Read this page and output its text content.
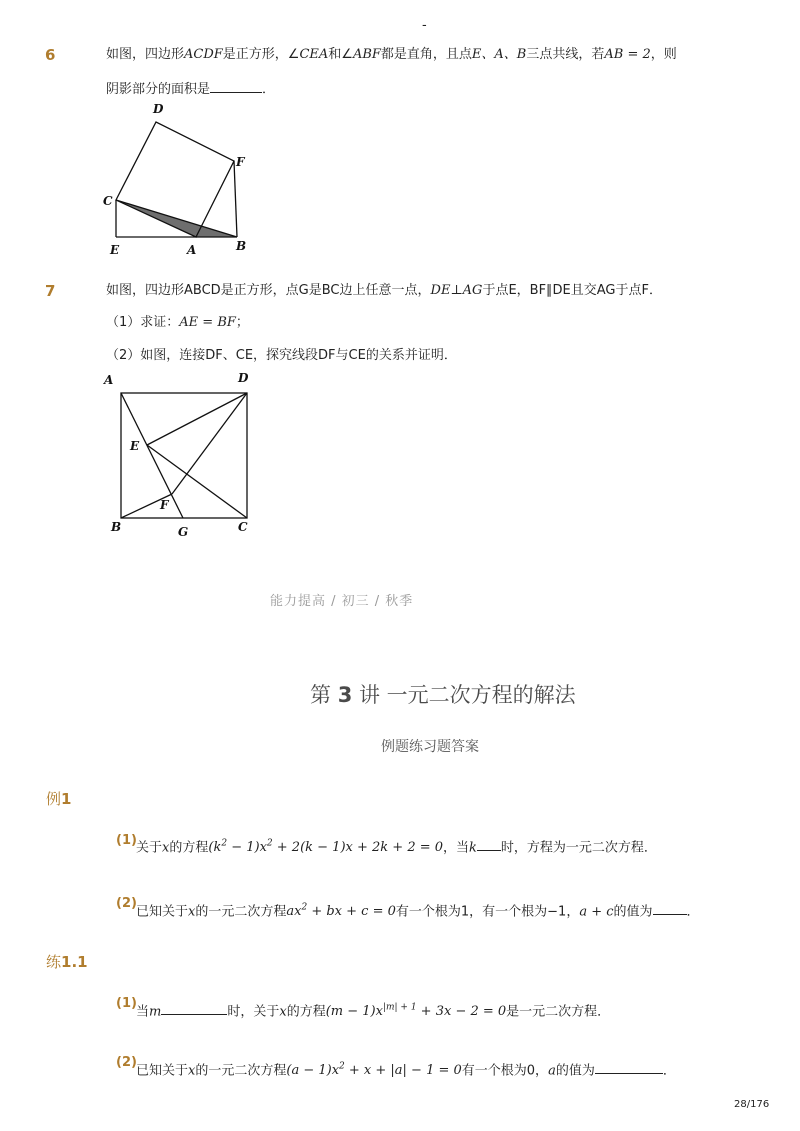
-
6	如图，四边形ACDF是正方形，∠CEA和∠ABF都是直角，且点E、A、B三点共线，若AB = 2，则
阴影部分的面积是	．
D
F
C
E	A	B
7	如图，四边形ABCD是正方形，点G是BC边上任意一点，DE⊥AG于点E，BF∥DE且交AG于点F．
（1）求证：AE = BF；
（2）如图，连接DF、CE，探究线段DF与CE的关系并证明．
A	D
E
F
B	G	C
能力提高 / 初三 / 秋季
第 3 讲 一元二次方程的解法
例题练习题答案
例1
(1) 关于x的方程$(k^2 - 1)x^2 + 2(k - 1)x + 2k + 2 = 0$，当k 时，方程为一元二次方程．
(2)
已知关于x的一元二次方程$ax^2$ + bx + c = 0有一个根为1，有一个根为−1，a + c的值为	．
练1.1
(1)
当m	时，关于x的方程$(m - 1)x^{|m| + 1} + 3x - 2 = 0$是一元二次方程．
(2)
已知关于x的一元二次方程$(a - 1)x^2 + x + |a| - 1 = 0$有一个根为0，a的值为	．
28/176
